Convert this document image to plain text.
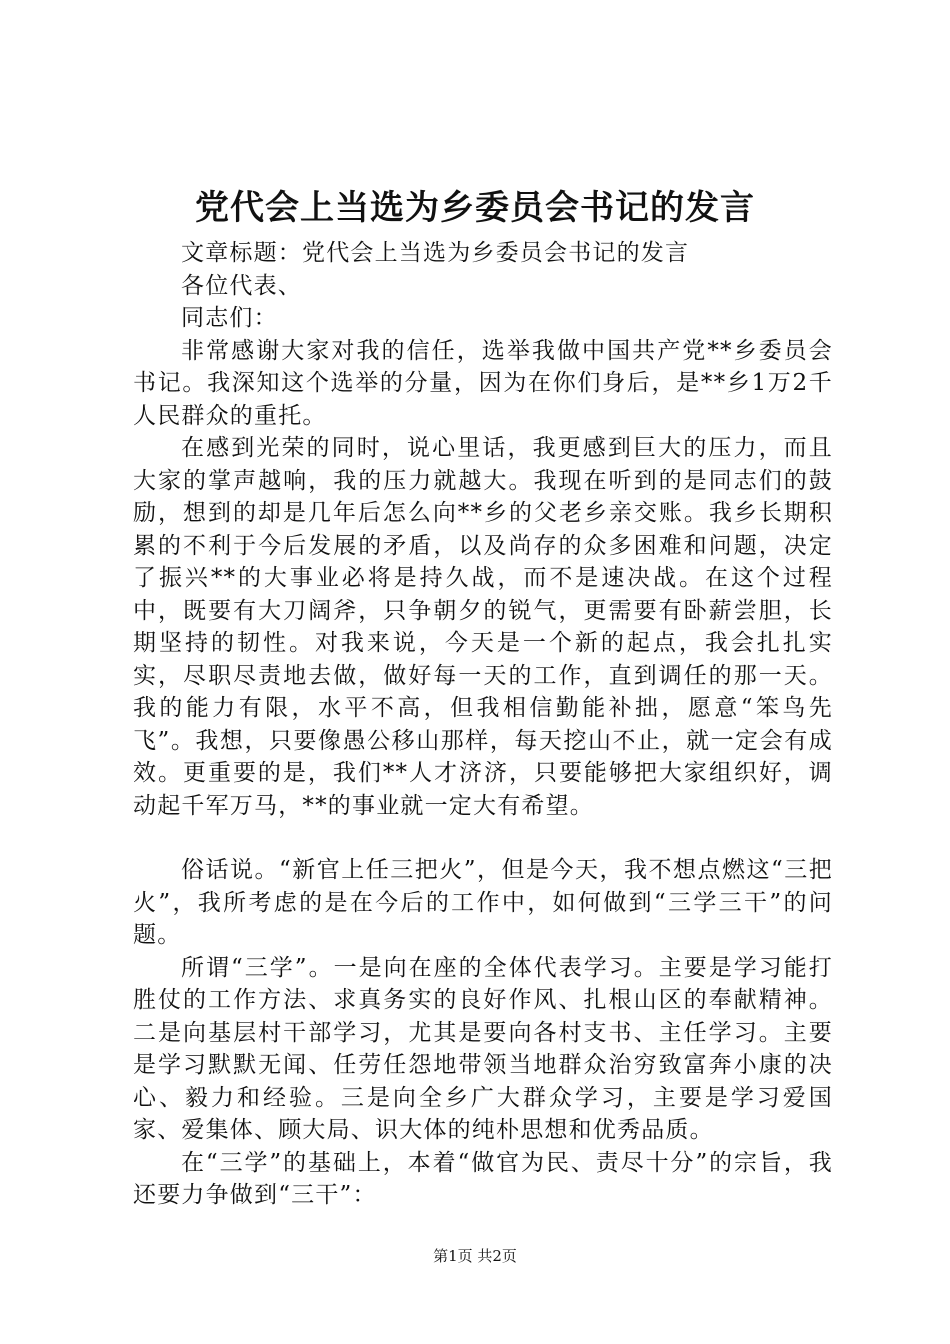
党代会上当选为乡委员会书记的发言

文章标题：党代会上当选为乡委员会书记的发言

各位代表、

同志们：

非常感谢大家对我的信任，选举我做中国共产党**乡委员会书记。我深知这个选举的分量，因为在你们身后，是**乡1万2千人民群众的重托。

在感到光荣的同时，说心里话，我更感到巨大的压力，而且大家的掌声越响，我的压力就越大。我现在听到的是同志们的鼓励，想到的却是几年后怎么向**乡的父老乡亲交账。我乡长期积累的不利于今后发展的矛盾，以及尚存的众多困难和问题，决定了振兴**的大事业必将是持久战，而不是速决战。在这个过程中，既要有大刀阔斧，只争朝夕的锐气，更需要有卧薪尝胆，长期坚持的韧性。对我来说，今天是一个新的起点，我会扎扎实实，尽职尽责地去做，做好每一天的工作，直到调任的那一天。我的能力有限，水平不高，但我相信勤能补拙，愿意“笨鸟先飞”。我想，只要像愚公移山那样，每天挖山不止，就一定会有成效。更重要的是，我们**人才济济，只要能够把大家组织好，调动起千军万马，**的事业就一定大有希望。

俗话说。“新官上任三把火”，但是今天，我不想点燃这“三把火”，我所考虑的是在今后的工作中，如何做到“三学三干”的问题。

所谓“三学”。一是向在座的全体代表学习。主要是学习能打胜仗的工作方法、求真务实的良好作风、扎根山区的奉献精神。二是向基层村干部学习，尤其是要向各村支书、主任学习。主要是学习默默无闻、任劳任怨地带领当地群众治穷致富奔小康的决心、毅力和经验。三是向全乡广大群众学习，主要是学习爱国家、爱集体、顾大局、识大体的纯朴思想和优秀品质。

在“三学”的基础上，本着“做官为民、责尽十分”的宗旨，我还要力争做到“三干”：

第1页 共2页
